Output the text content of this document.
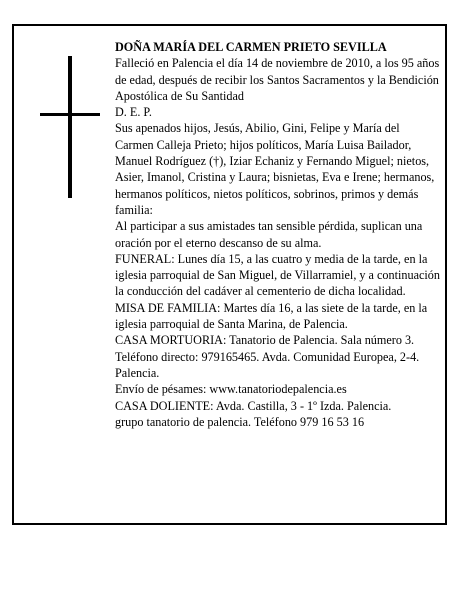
DOÑA MARÍA DEL CARMEN PRIETO SEVILLA

Falleció en Palencia el día 14 de noviembre de 2010, a los 95 años de edad, después de recibir los Santos Sacramentos y la Bendición Apostólica de Su Santidad

D. E. P.

Sus apenados hijos, Jesús, Abilio, Gini, Felipe y María del Carmen Calleja Prieto; hijos políticos, María Luisa Bailador, Manuel Rodríguez (†), Iziar Echaniz y Fernando Miguel; nietos, Asier, Imanol, Cristina y Laura; bisnietas, Eva e Irene; hermanos, hermanos políticos, nietos políticos, sobrinos, primos y demás familia:

Al participar a sus amistades tan sensible pérdida, suplican una oración por el eterno descanso de su alma.

FUNERAL: Lunes día 15, a las cuatro y media de la tarde, en la iglesia parroquial de San Miguel, de Villarramiel, y a continuación la conducción del cadáver al cementerio de dicha localidad.

MISA DE FAMILIA: Martes día 16, a las siete de la tarde, en la iglesia parroquial de Santa Marina, de Palencia.

CASA MORTUORIA: Tanatorio de Palencia. Sala número 3. Teléfono directo: 979165465. Avda. Comunidad Europea, 2-4. Palencia.

Envío de pésames: www.tanatoriodepalencia.es

CASA DOLIENTE: Avda. Castilla, 3 - 1º Izda. Palencia.

grupo tanatorio de palencia. Teléfono 979 16 53 16
